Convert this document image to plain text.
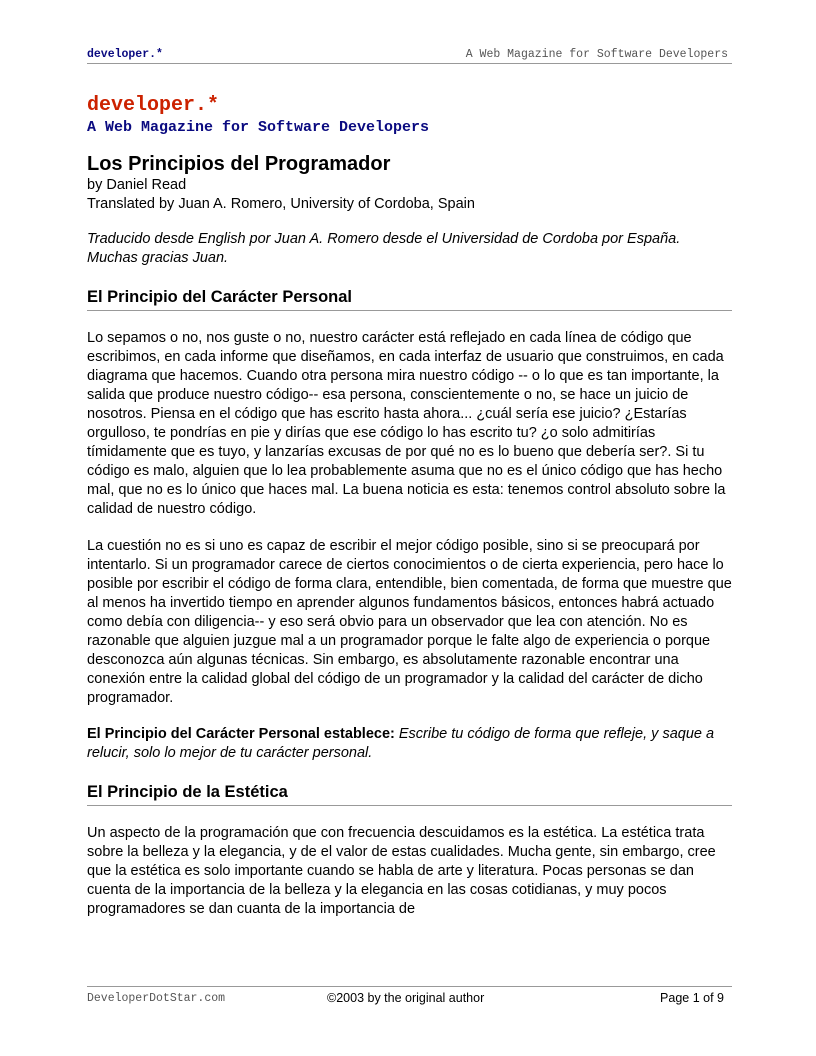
developer.*	A Web Magazine for Software Developers

developer.*

A Web Magazine for Software Developers

Los Principios del Programador

by Daniel Read

Translated by Juan A. Romero, University of Cordoba, Spain

Traducido desde English por Juan A. Romero desde el Universidad de Cordoba por España. Muchas gracias Juan.

El Principio del Carácter Personal

Lo sepamos o no, nos guste o no, nuestro carácter está reflejado en cada línea de código que escribimos, en cada informe que diseñamos, en cada interfaz de usuario que construimos, en cada diagrama que hacemos. Cuando otra persona mira nuestro código -- o lo que es tan importante, la salida que produce nuestro código-- esa persona, conscientemente o no, se hace un juicio de nosotros. Piensa en el código que has escrito hasta ahora... ¿cuál sería ese juicio? ¿Estarías orgulloso, te pondrías en pie y dirías que ese código lo has escrito tu? ¿o solo admitirías tímidamente que es tuyo, y lanzarías excusas de por qué no es lo bueno que debería ser?. Si tu código es malo, alguien que lo lea probablemente asuma que no es el único código que has hecho mal, que no es lo único que haces mal. La buena noticia es esta: tenemos control absoluto sobre la calidad de nuestro código.

La cuestión no es si uno es capaz de escribir el mejor código posible, sino si se preocupará por intentarlo. Si un programador carece de ciertos conocimientos o de cierta experiencia, pero hace lo posible por escribir el código de forma clara, entendible, bien comentada, de forma que muestre que al menos ha invertido tiempo en aprender algunos fundamentos básicos, entonces habrá actuado como debía con diligencia-- y eso será obvio para un observador que lea con atención. No es razonable que alguien juzgue mal a un programador porque le falte algo de experiencia o porque desconozca aún algunas técnicas. Sin embargo, es absolutamente razonable encontrar una conexión entre la calidad global del código de un programador y la calidad del carácter de dicho programador.

El Principio del Carácter Personal establece: Escribe tu código de forma que refleje, y saque a relucir, solo lo mejor de tu carácter personal.

El Principio de la Estética

Un aspecto de la programación que con frecuencia descuidamos es la estética. La estética trata sobre la belleza y la elegancia, y de el valor de estas cualidades. Mucha gente, sin embargo, cree que la estética es solo importante cuando se habla de arte y literatura. Pocas personas se dan cuenta de la importancia de la belleza y la elegancia en las cosas cotidianas, y muy pocos programadores se dan cuanta de la importancia de

DeveloperDotStar.com	©2003 by the original author	Page 1 of 9
